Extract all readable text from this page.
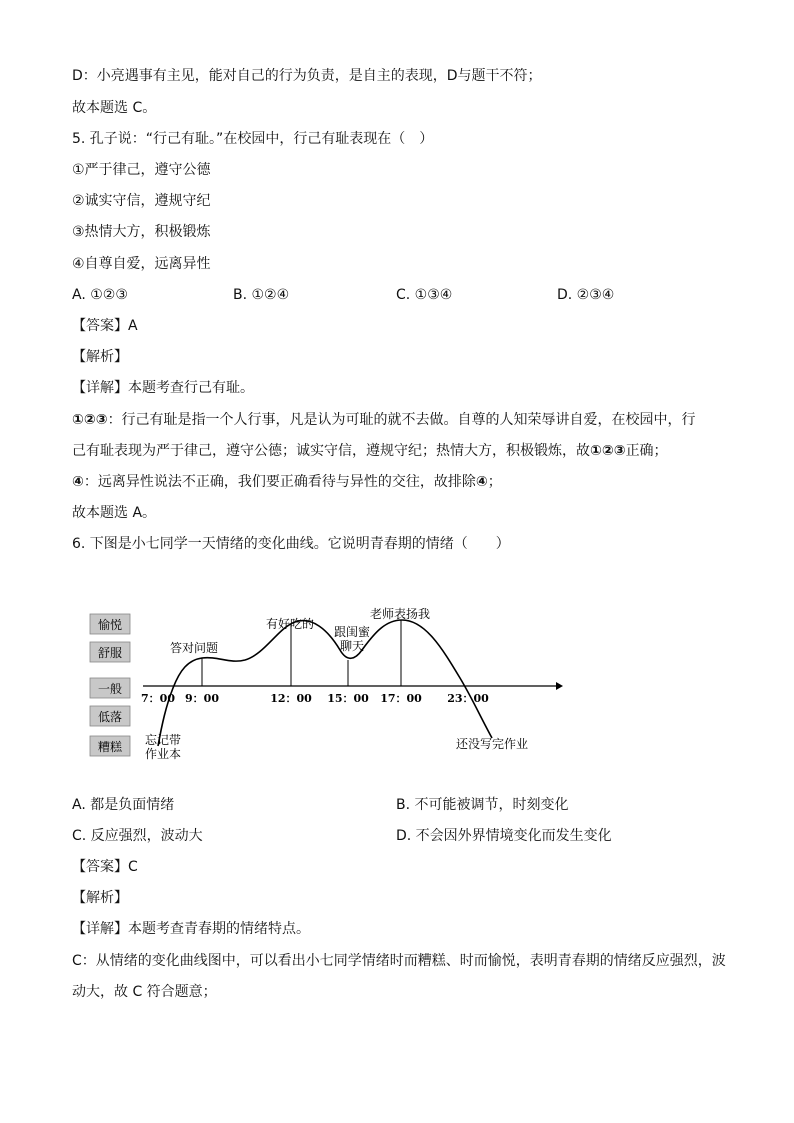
D：小亮遇事有主见，能对自己的行为负责，是自主的表现，D与题干不符；
故本题选 C。
5. 孔子说：“行己有耻。”在校园中，行己有耻表现在（　）
①严于律己，遵守公德
②诚实守信，遵规守纪
③热情大方，积极锻炼
④自尊自爱，远离异性
A. ①②③	B. ①②④	C. ①③④	D. ②③④
【答案】A
【解析】
【详解】本题考查行己有耻。
①②③：行己有耻是指一个人行事，凡是认为可耻的就不去做。自尊的人知荣辱讲自爱，在校园中，行
己有耻表现为严于律己，遵守公德；诚实守信，遵规守纪；热情大方，积极锻炼，故①②③正确；
④：远离异性说法不正确，我们要正确看待与异性的交往，故排除④；
故本题选 A。
6. 下图是小七同学一天情绪的变化曲线。它说明青春期的情绪（　　）
愉悦
舒服
一般
低落
糟糕
7：00 9：00	12：00 15：00 17：00 23：00
答对问题
有好吃的
跟闺蜜
聊天
老师表扬我
忘记带
作业本
还没写完作业
A. 都是负面情绪	B. 不可能被调节，时刻变化
C. 反应强烈，波动大	D. 不会因外界情境变化而发生变化
【答案】C
【解析】
【详解】本题考查青春期的情绪特点。
C：从情绪的变化曲线图中，可以看出小七同学情绪时而糟糕、时而愉悦，表明青春期的情绪反应强烈，波
动大，故 C 符合题意；
